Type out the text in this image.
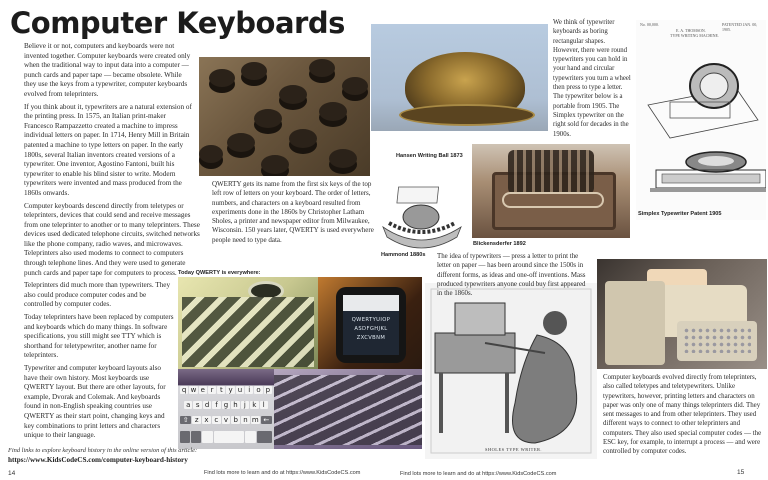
Computer Keyboards

Believe it or not, computers and keyboards were not invented together. Computer keyboards were created only when the traditional way to input data into a computer — punch cards and paper tape — became obsolete. While they use the keys from a typewriter, computer keyboards evolved from teleprinters.

If you think about it, typewriters are a natural extension of the printing press. In 1575, an Italian print-maker Francesco Rampazzetto created a machine to impress individual letters on paper. In 1714, Henry Mill in Britain patented a machine to type letters on paper. In the early 1800s, several Italian inventors created versions of a typewriter. One inventor, Agostino Fantoni, built his typewriter to enable his blind sister to write. Modern typewriters were invented and mass produced from the 1860s onwards.

Computer keyboards descend directly from teletypes or teleprinters, devices that could send and receive messages from one teleprinter to another or to many teleprinters. These devices used dedicated telephone circuits, switched networks like the phone company, radio waves, and microwaves. Teleprinters also used modems to connect to computers through telephone lines. And they were used to generate punch cards and paper tape for computers to process.

Teleprinters did much more than typewriters. They also could produce computer codes and be controlled by computer codes.

Today teleprinters have been replaced by computers and keyboards which do many things. In software specifications, you still might see TTY which is shorthand for teletypewriter, another name for teleprinters.

Typewriter and computer keyboard layouts also have their own history. Most keyboards use QWERTY layout. But there are other layouts, for example, Dvorak and Colemak. And keyboards found in non-English speaking countries use QWERTY as their start point, changing keys and key combinations to print letters and characters unique to their language.

QWERTY gets its name from the first six keys of the top left row of letters on your keyboard. The order of letters, numbers, and characters on a keyboard resulted from experiments done in the 1860s by Christopher Latham Sholes, a printer and newspaper editor from Milwaukee, Wisconsin. 150 years later, QWERTY is used everywhere people need to type data.
Hansen Writing Ball 1873
We think of typewriter keyboards as boring rectangular shapes. However, there were round typewriters you can hold in your hand and circular typewriters you turn a wheel then press to type a letter. The typewriter below is a portable from 1905. The Simplex typewriter on the right sold for decades in the 1900s.
No. 00,000.	PATENTED JAN. 00, 1905.
E. A. THOMSON.
TYPE WRITING MACHINE.
Simplex Typewriter Patent 1905
Hammond 1880s
Blickensderfer 1892
The idea of typewriters — press a letter to print the letter on paper — has been around since the 1500s in different forms, as ideas and one-off inventions. Mass produced typewriters anyone could buy first appeared in the 1860s.
SHOLES TYPE WRITER.
Today QWERTY is everywhere:
QWERTYUIOP
ASDFGHJKL
ZXCVBNM
q w e r t y u i o p
a s d f g h j k l
⇧ z x c v b n m ←
Computer keyboards evolved directly from teleprinters, also called teletypes and teletypewriters. Unlike typewriters, however, printing letters and characters on paper was only one of many things teleprinters did. They sent messages to and from other teleprinters. They used different ways to connect to other teleprinters and computers. They also used special computer codes — the ESC key, for example, to interrupt a process — and were controlled by computer codes.
Find links to explore keyboard history in the online version of this article:
https://www.KidsCodeCS.com/computer-keyboard-history
14	Find lots more to learn and do at https://www.KidsCodeCS.com	Find lots more to learn and do at https://www.KidsCodeCS.com	15
